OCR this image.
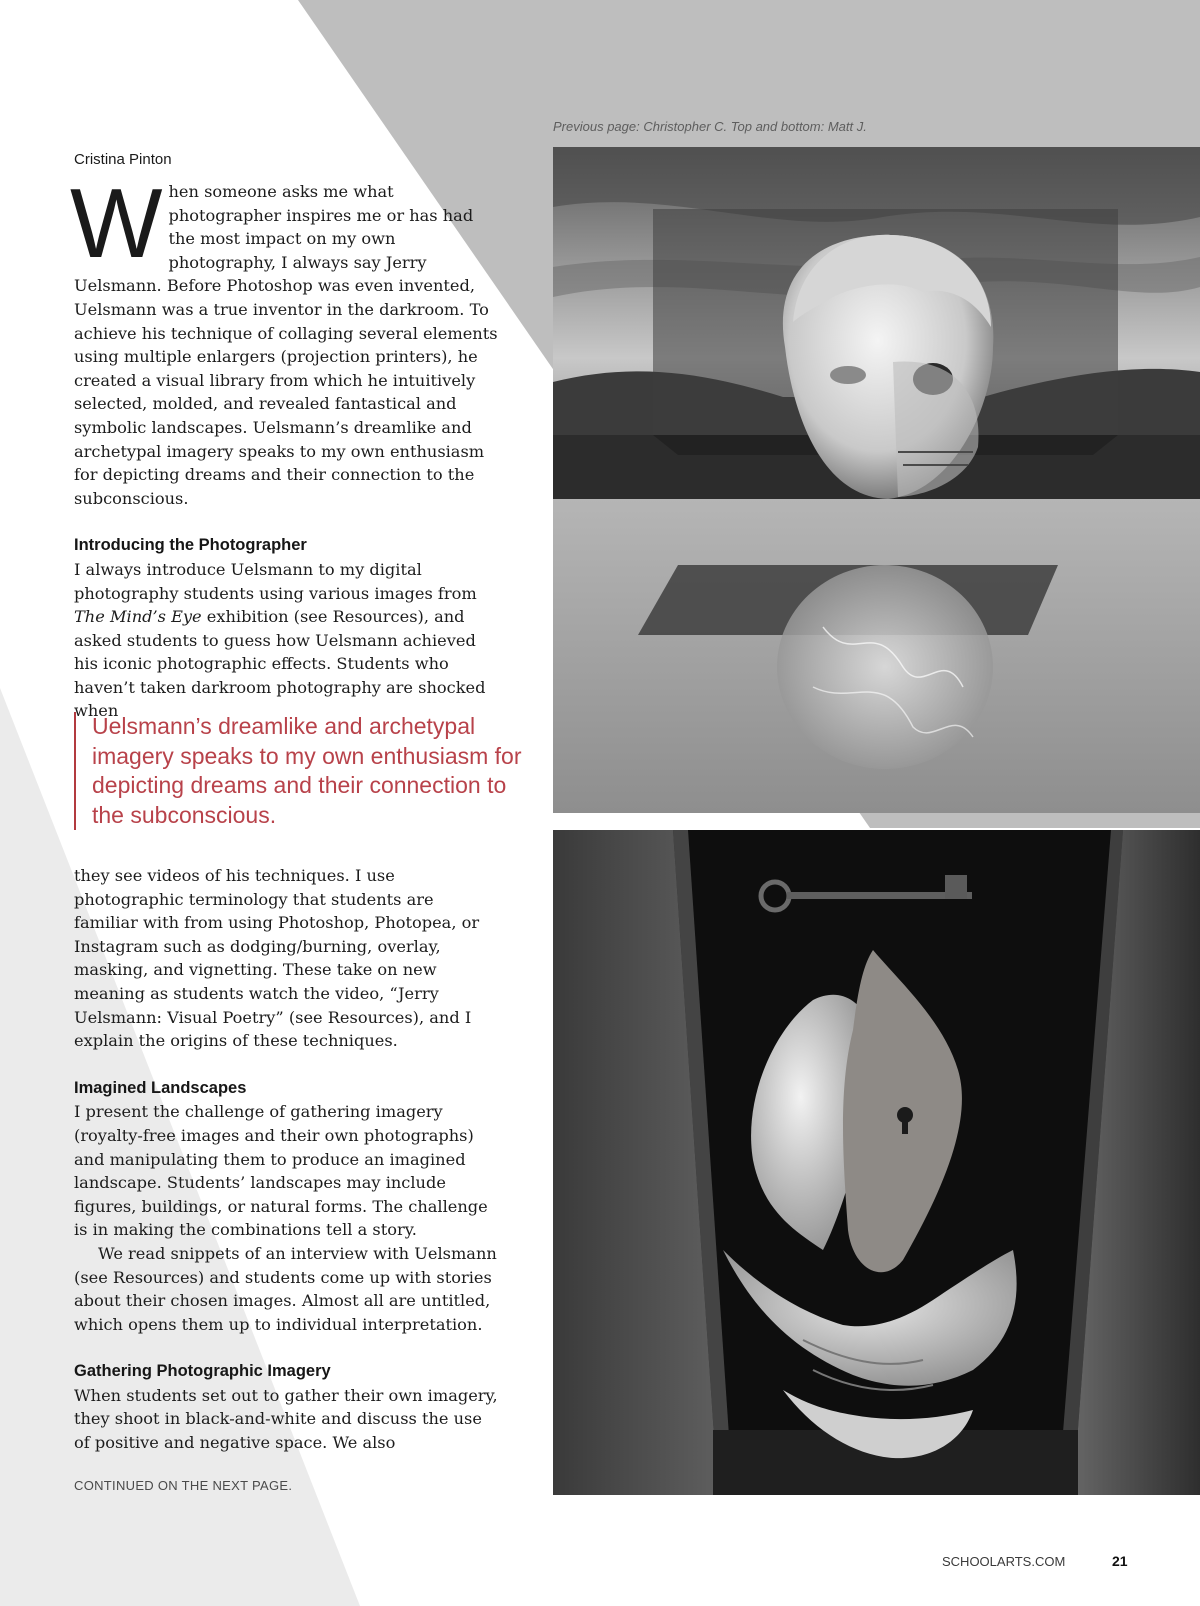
Previous page: Christopher C. Top and bottom: Matt J.
Cristina Pinton

When someone asks me what photographer inspires me or has had the most impact on my own photography, I always say Jerry Uelsmann. Before Photoshop was even invented, Uelsmann was a true inventor in the darkroom. To achieve his technique of collaging several elements using multiple enlargers (projection printers), he created a visual library from which he intuitively selected, molded, and revealed fantastical and symbolic landscapes. Uelsmann’s dreamlike and archetypal imagery speaks to my own enthusiasm for depicting dreams and their connection to the subconscious.

Introducing the Photographer

I always introduce Uelsmann to my digital photography students using various images from The Mind’s Eye exhibition (see Resources), and asked students to guess how Uelsmann achieved his iconic photographic effects. Students who haven’t taken darkroom photography are shocked when

Uelsmann’s dreamlike and archetypal imagery speaks to my own enthusiasm for depicting dreams and their connection to the subconscious.

they see videos of his techniques. I use photographic terminology that students are familiar with from using Photoshop, Photopea, or Instagram such as dodging/burning, overlay, masking, and vignetting. These take on new meaning as students watch the video, “Jerry Uelsmann: Visual Poetry” (see Resources), and I explain the origins of these techniques.

Imagined Landscapes

I present the challenge of gathering imagery (royalty-free images and their own photographs) and manipulating them to produce an imagined landscape. Students’ landscapes may include figures, buildings, or natural forms. The challenge is in making the combinations tell a story.

We read snippets of an interview with Uelsmann (see Resources) and students come up with stories about their chosen images. Almost all are untitled, which opens them up to individual interpretation.

Gathering Photographic Imagery

When students set out to gather their own imagery, they shoot in black-and-white and discuss the use of positive and negative space. We also

CONTINUED ON THE NEXT PAGE.
SCHOOLARTS.COM	21
